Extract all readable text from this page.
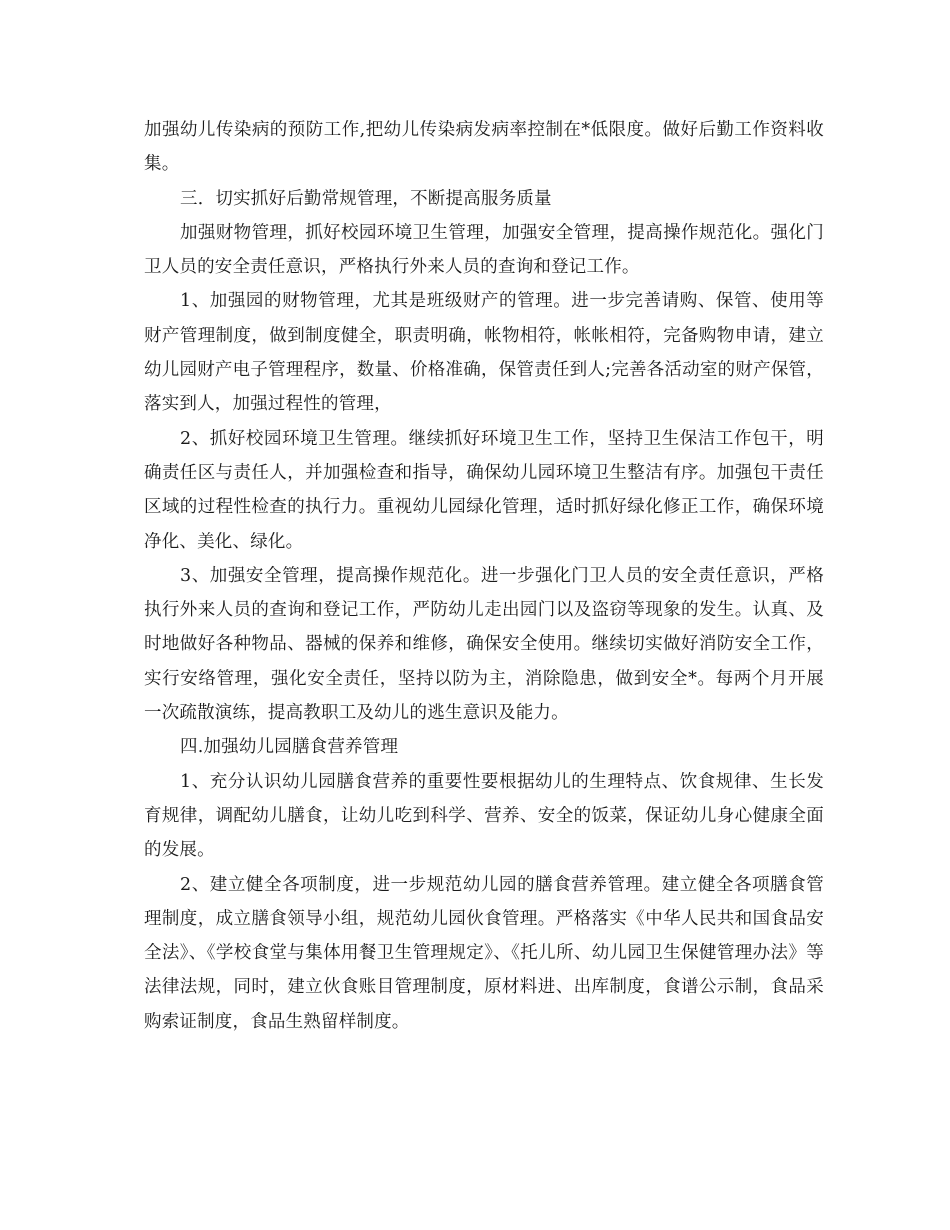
加强幼儿传染病的预防工作,把幼儿传染病发病率控制在*低限度。做好后勤工作资料收集。

三．切实抓好后勤常规管理，不断提高服务质量

加强财物管理，抓好校园环境卫生管理，加强安全管理，提高操作规范化。强化门卫人员的安全责任意识，严格执行外来人员的查询和登记工作。

1、加强园的财物管理，尤其是班级财产的管理。进一步完善请购、保管、使用等财产管理制度，做到制度健全，职责明确，帐物相符，帐帐相符，完备购物申请，建立幼儿园财产电子管理程序，数量、价格准确，保管责任到人;完善各活动室的财产保管，落实到人，加强过程性的管理，

2、抓好校园环境卫生管理。继续抓好环境卫生工作，坚持卫生保洁工作包干，明确责任区与责任人，并加强检查和指导，确保幼儿园环境卫生整洁有序。加强包干责任区域的过程性检查的执行力。重视幼儿园绿化管理，适时抓好绿化修正工作，确保环境净化、美化、绿化。

3、加强安全管理，提高操作规范化。进一步强化门卫人员的安全责任意识，严格执行外来人员的查询和登记工作，严防幼儿走出园门以及盗窃等现象的发生。认真、及时地做好各种物品、器械的保养和维修，确保安全使用。继续切实做好消防安全工作，实行安络管理，强化安全责任，坚持以防为主，消除隐患，做到安全*。每两个月开展一次疏散演练，提高教职工及幼儿的逃生意识及能力。

四.加强幼儿园膳食营养管理

1、充分认识幼儿园膳食营养的重要性要根据幼儿的生理特点、饮食规律、生长发育规律，调配幼儿膳食，让幼儿吃到科学、营养、安全的饭菜，保证幼儿身心健康全面的发展。

2、建立健全各项制度，进一步规范幼儿园的膳食营养管理。建立健全各项膳食管理制度，成立膳食领导小组，规范幼儿园伙食管理。严格落实《中华人民共和国食品安全法》、《学校食堂与集体用餐卫生管理规定》、《托儿所、幼儿园卫生保健管理办法》等法律法规，同时，建立伙食账目管理制度，原材料进、出库制度，食谱公示制，食品采购索证制度，食品生熟留样制度。
